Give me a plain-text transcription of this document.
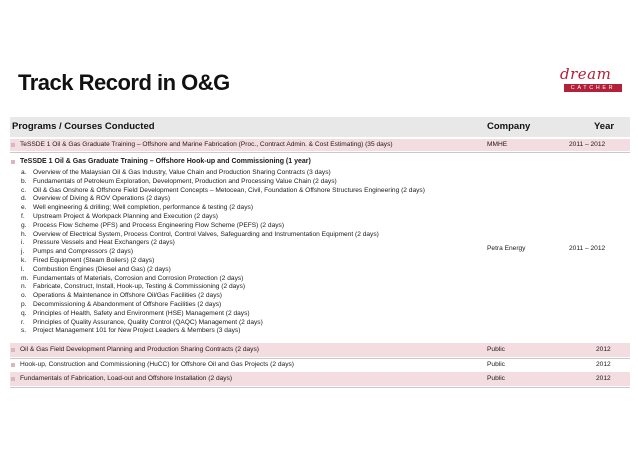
Track Record in O&G	dream
CATCHER
Programs / Courses Conducted	Company	Year
TeSSDE 1 Oil & Gas Graduate Training – Offshore and Marine Fabrication (Proc., Contract Admin. & Cost Estimating) (35 days)	MMHE	2011 – 2012
TeSSDE 1 Oil & Gas Graduate Training – Offshore Hook-up and Commissioning (1 year)
a. Overview of the Malaysian Oil & Gas Industry, Value Chain and Production Sharing Contracts (3 days)
b. Fundamentals of Petroleum Exploration, Development, Production and Processing Value Chain (2 days)
c. Oil & Gas Onshore & Offshore Field Development Concepts – Metocean, Civil, Foundation & Offshore Structures Engineering (2 days)
d. Overview of Diving & ROV Operations (2 days)
e. Well engineering & drilling; Well completion, performance & testing (2 days)
f. Upstream Project & Workpack Planning and Execution (2 days)
g. Process Flow Scheme (PFS) and Process Engineering Flow Scheme (PEFS) (2 days)
h. Overview of Electrical System, Process Control, Control Valves, Safeguarding and Instrumentation Equipment (2 days)
i. Pressure Vessels and Heat Exchangers (2 days)
j. Pumps and Compressors (2 days)
k. Fired Equipment (Steam Boilers) (2 days)
l. Combustion Engines (Diesel and Gas) (2 days)
m. Fundamentals of Materials, Corrosion and Corrosion Protection (2 days)
n. Fabricate, Construct, Install, Hook-up, Testing & Commissioning (2 days)
o. Operations & Maintenance in Offshore Oil/Gas Facilities (2 days)
p. Decommissioning & Abandonment of Offshore Facilities (2 days)
q. Principles of Health, Safety and Environment (HSE) Management (2 days)
r. Principles of Quality Assurance, Quality Control (QAQC) Management (2 days)
s. Project Management 101 for New Project Leaders & Members (3 days)
Petra Energy	2011 – 2012
Oil & Gas Field Development Planning and Production Sharing Contracts (2 days)	Public	2012
Hook-up, Construction and Commissioning (HuCC) for Offshore Oil and Gas Projects (2 days)	Public	2012
Fundamentals of Fabrication, Load-out and Offshore Installation (2 days)	Public	2012
